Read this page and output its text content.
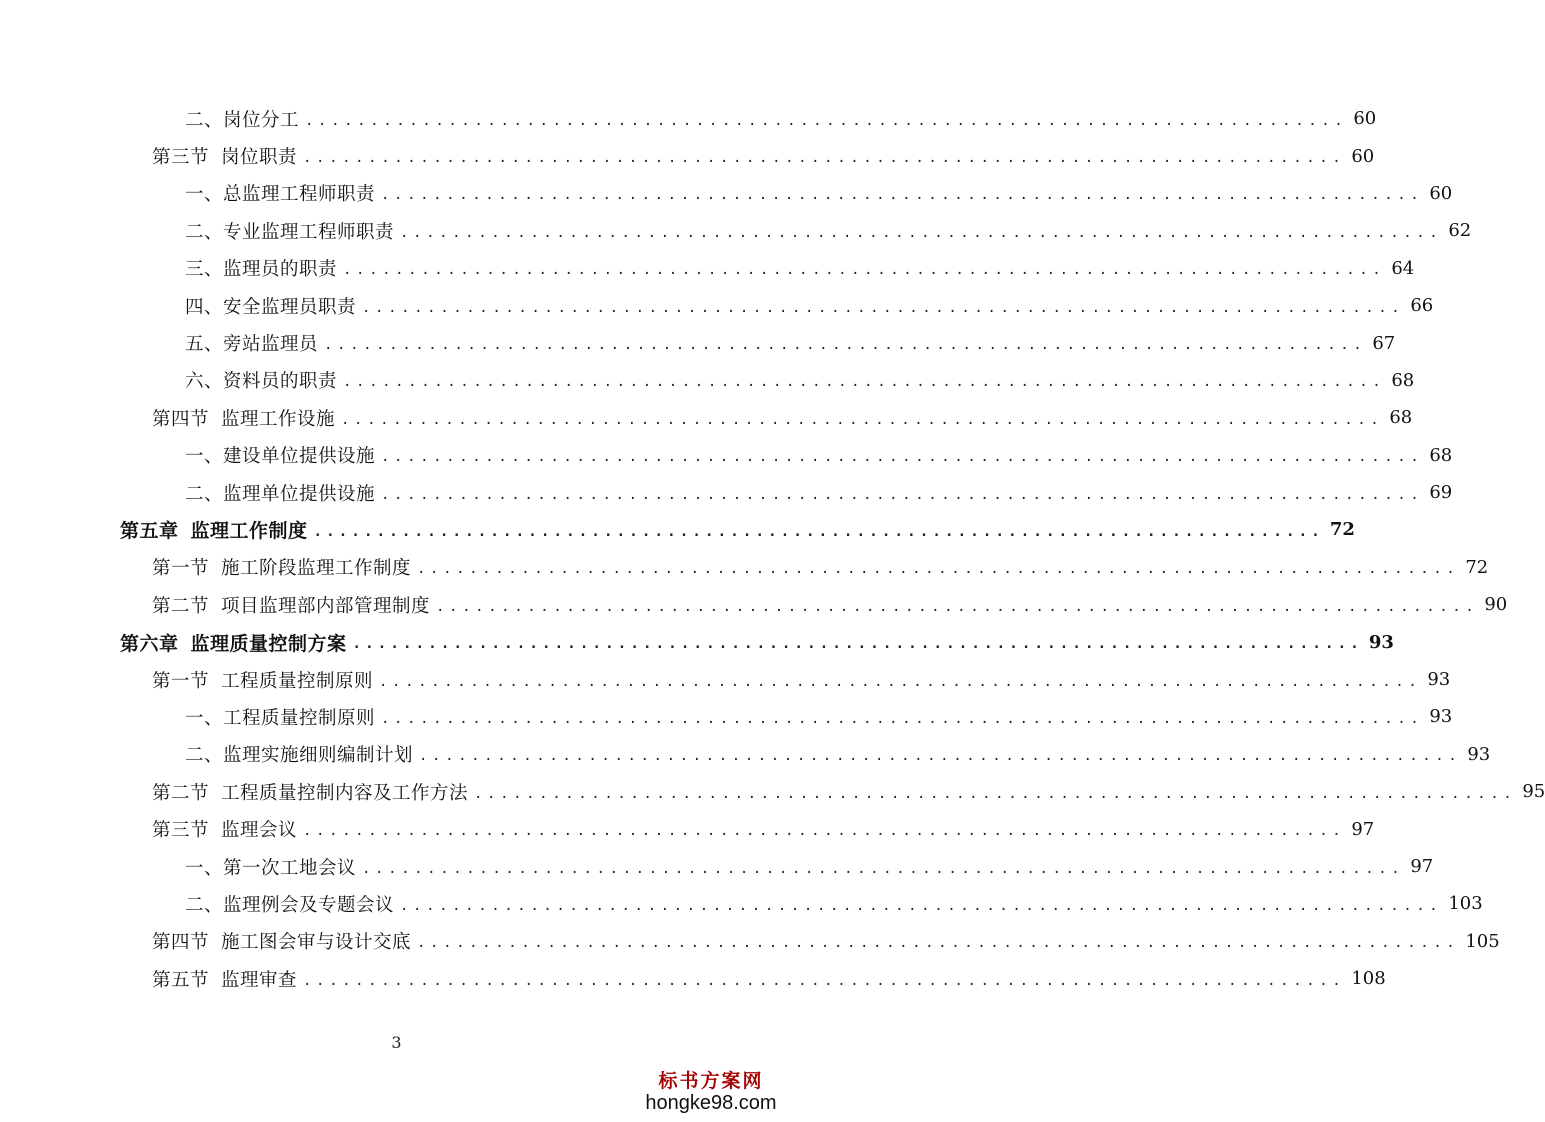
二、岗位分工 ................................................................................ 60
第三节 岗位职责 ................................................................................ 60
一、总监理工程师职责 ................................................................................ 60
二、专业监理工程师职责 ................................................................................ 62
三、监理员的职责 ................................................................................ 64
四、安全监理员职责 ................................................................................ 66
五、旁站监理员 ................................................................................ 67
六、资料员的职责 ................................................................................ 68
第四节 监理工作设施 ................................................................................ 68
一、建设单位提供设施 ................................................................................ 68
二、监理单位提供设施 ................................................................................ 69
第五章 监理工作制度 ................................................................................ 72
第一节 施工阶段监理工作制度 ................................................................................ 72
第二节 项目监理部内部管理制度 ................................................................................ 90
第六章 监理质量控制方案 ................................................................................ 93
第一节 工程质量控制原则 ................................................................................ 93
一、工程质量控制原则 ................................................................................ 93
二、监理实施细则编制计划 ................................................................................ 93
第二节 工程质量控制内容及工作方法 ................................................................................ 95
第三节 监理会议 ................................................................................ 97
一、第一次工地会议 ................................................................................ 97
二、监理例会及专题会议 ................................................................................ 103
第四节 施工图会审与设计交底 ................................................................................ 105
第五节 监理审查 ................................................................................ 108
3
标书方案网
hongke98.com
